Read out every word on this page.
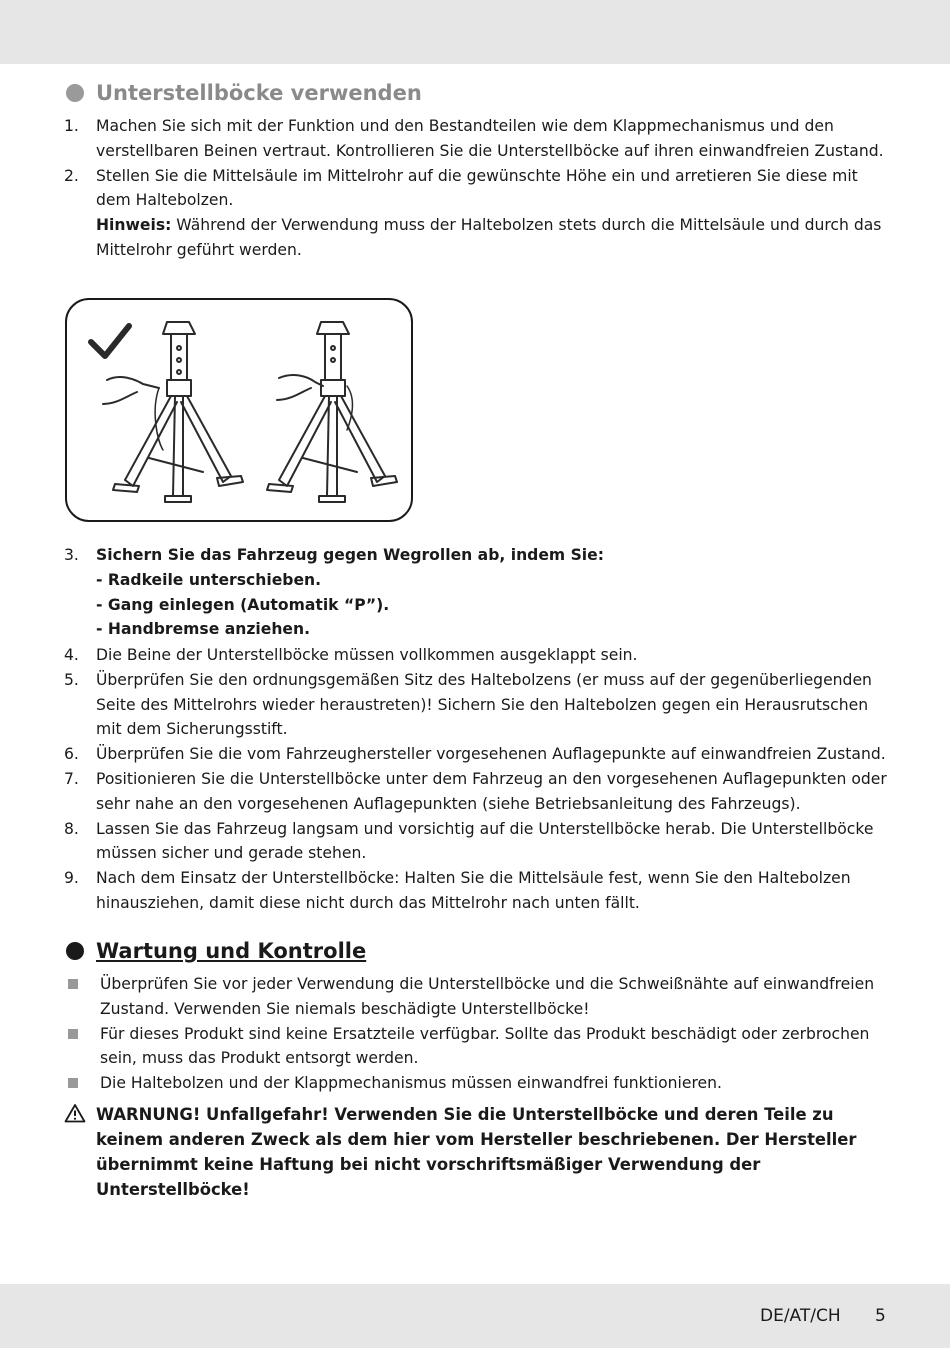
Unterstellböcke verwenden
1.	Machen Sie sich mit der Funktion und den Bestandteilen wie dem Klappmechanismus und den verstellbaren Beinen vertraut. Kontrollieren Sie die Unterstellböcke auf ihren einwandfreien Zustand.
2.	Stellen Sie die Mittelsäule im Mittelrohr auf die gewünschte Höhe ein und arretieren Sie diese mit dem Haltebolzen.
Hinweis: Während der Verwendung muss der Haltebolzen stets durch die Mittelsäule und durch das Mittelrohr geführt werden.
3.	Sichern Sie das Fahrzeug gegen Wegrollen ab, indem Sie:
- Radkeile unterschieben.
- Gang einlegen (Automatik “P”).
- Handbremse anziehen.
4.	Die Beine der Unterstellböcke müssen vollkommen ausgeklappt sein.
5.	Überprüfen Sie den ordnungsgemäßen Sitz des Haltebolzens (er muss auf der gegenüberliegenden Seite des Mittelrohrs wieder heraustreten)! Sichern Sie den Haltebolzen gegen ein Herausrutschen mit dem Sicherungsstift.
6.	Überprüfen Sie die vom Fahrzeughersteller vorgesehenen Auflagepunkte auf einwandfreien Zustand.
7.	Positionieren Sie die Unterstellböcke unter dem Fahrzeug an den vorgesehenen Auflagepunkten oder sehr nahe an den vorgesehenen Auflagepunkten (siehe Betriebsanleitung des Fahrzeugs).
8.	Lassen Sie das Fahrzeug langsam und vorsichtig auf die Unterstellböcke herab. Die Unterstellböcke müssen sicher und gerade stehen.
9.	Nach dem Einsatz der Unterstellböcke: Halten Sie die Mittelsäule fest, wenn Sie den Haltebolzen hinausziehen, damit diese nicht durch das Mittelrohr nach unten fällt.
Wartung und Kontrolle
Überprüfen Sie vor jeder Verwendung die Unterstellböcke und die Schweißnähte auf einwandfreien Zustand. Verwenden Sie niemals beschädigte Unterstellböcke!
Für dieses Produkt sind keine Ersatzteile verfügbar. Sollte das Produkt beschädigt oder zerbrochen sein, muss das Produkt entsorgt werden.
Die Haltebolzen und der Klappmechanismus müssen einwandfrei funktionieren.
WARNUNG! Unfallgefahr! Verwenden Sie die Unterstellböcke und deren Teile zu keinem anderen Zweck als dem hier vom Hersteller beschriebenen. Der Hersteller übernimmt keine Haftung bei nicht vorschriftsmäßiger Verwendung der Unterstellböcke!
DE/AT/CH 5
